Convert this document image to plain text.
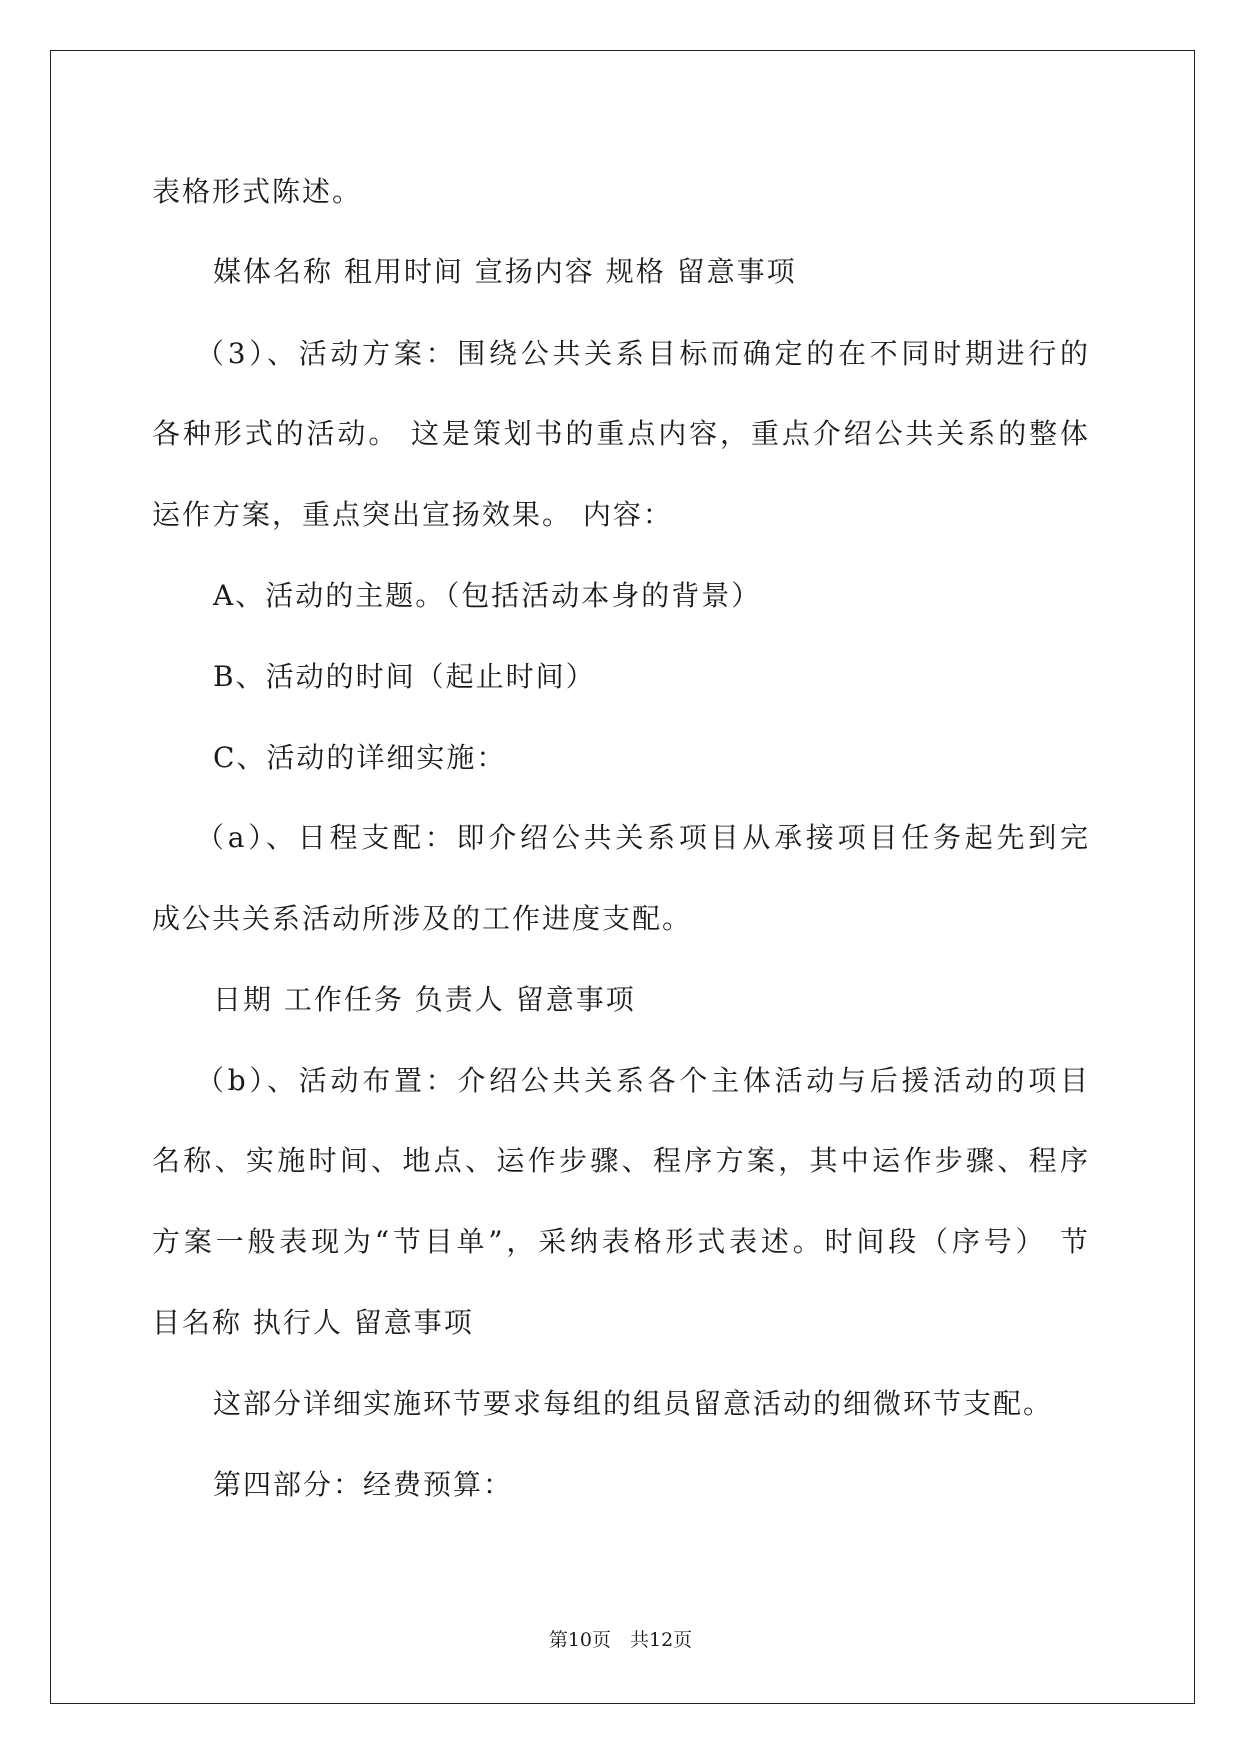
表格形式陈述。
媒体名称 租用时间 宣扬内容 规格 留意事项
（3）、活动方案：围绕公共关系目标而确定的在不同时期进行的
各种形式的活动。 这是策划书的重点内容，重点介绍公共关系的整体
运作方案，重点突出宣扬效果。 内容：
A、活动的主题。（包括活动本身的背景）
B、活动的时间（起止时间）
C、活动的详细实施：
（a）、日程支配：即介绍公共关系项目从承接项目任务起先到完
成公共关系活动所涉及的工作进度支配。
日期 工作任务 负责人 留意事项
（b）、活动布置：介绍公共关系各个主体活动与后援活动的项目
名称、实施时间、地点、运作步骤、程序方案，其中运作步骤、程序
方案一般表现为“节目单”，采纳表格形式表述。时间段（序号） 节
目名称 执行人 留意事项
这部分详细实施环节要求每组的组员留意活动的细微环节支配。
第四部分：经费预算：
第10页　共12页
